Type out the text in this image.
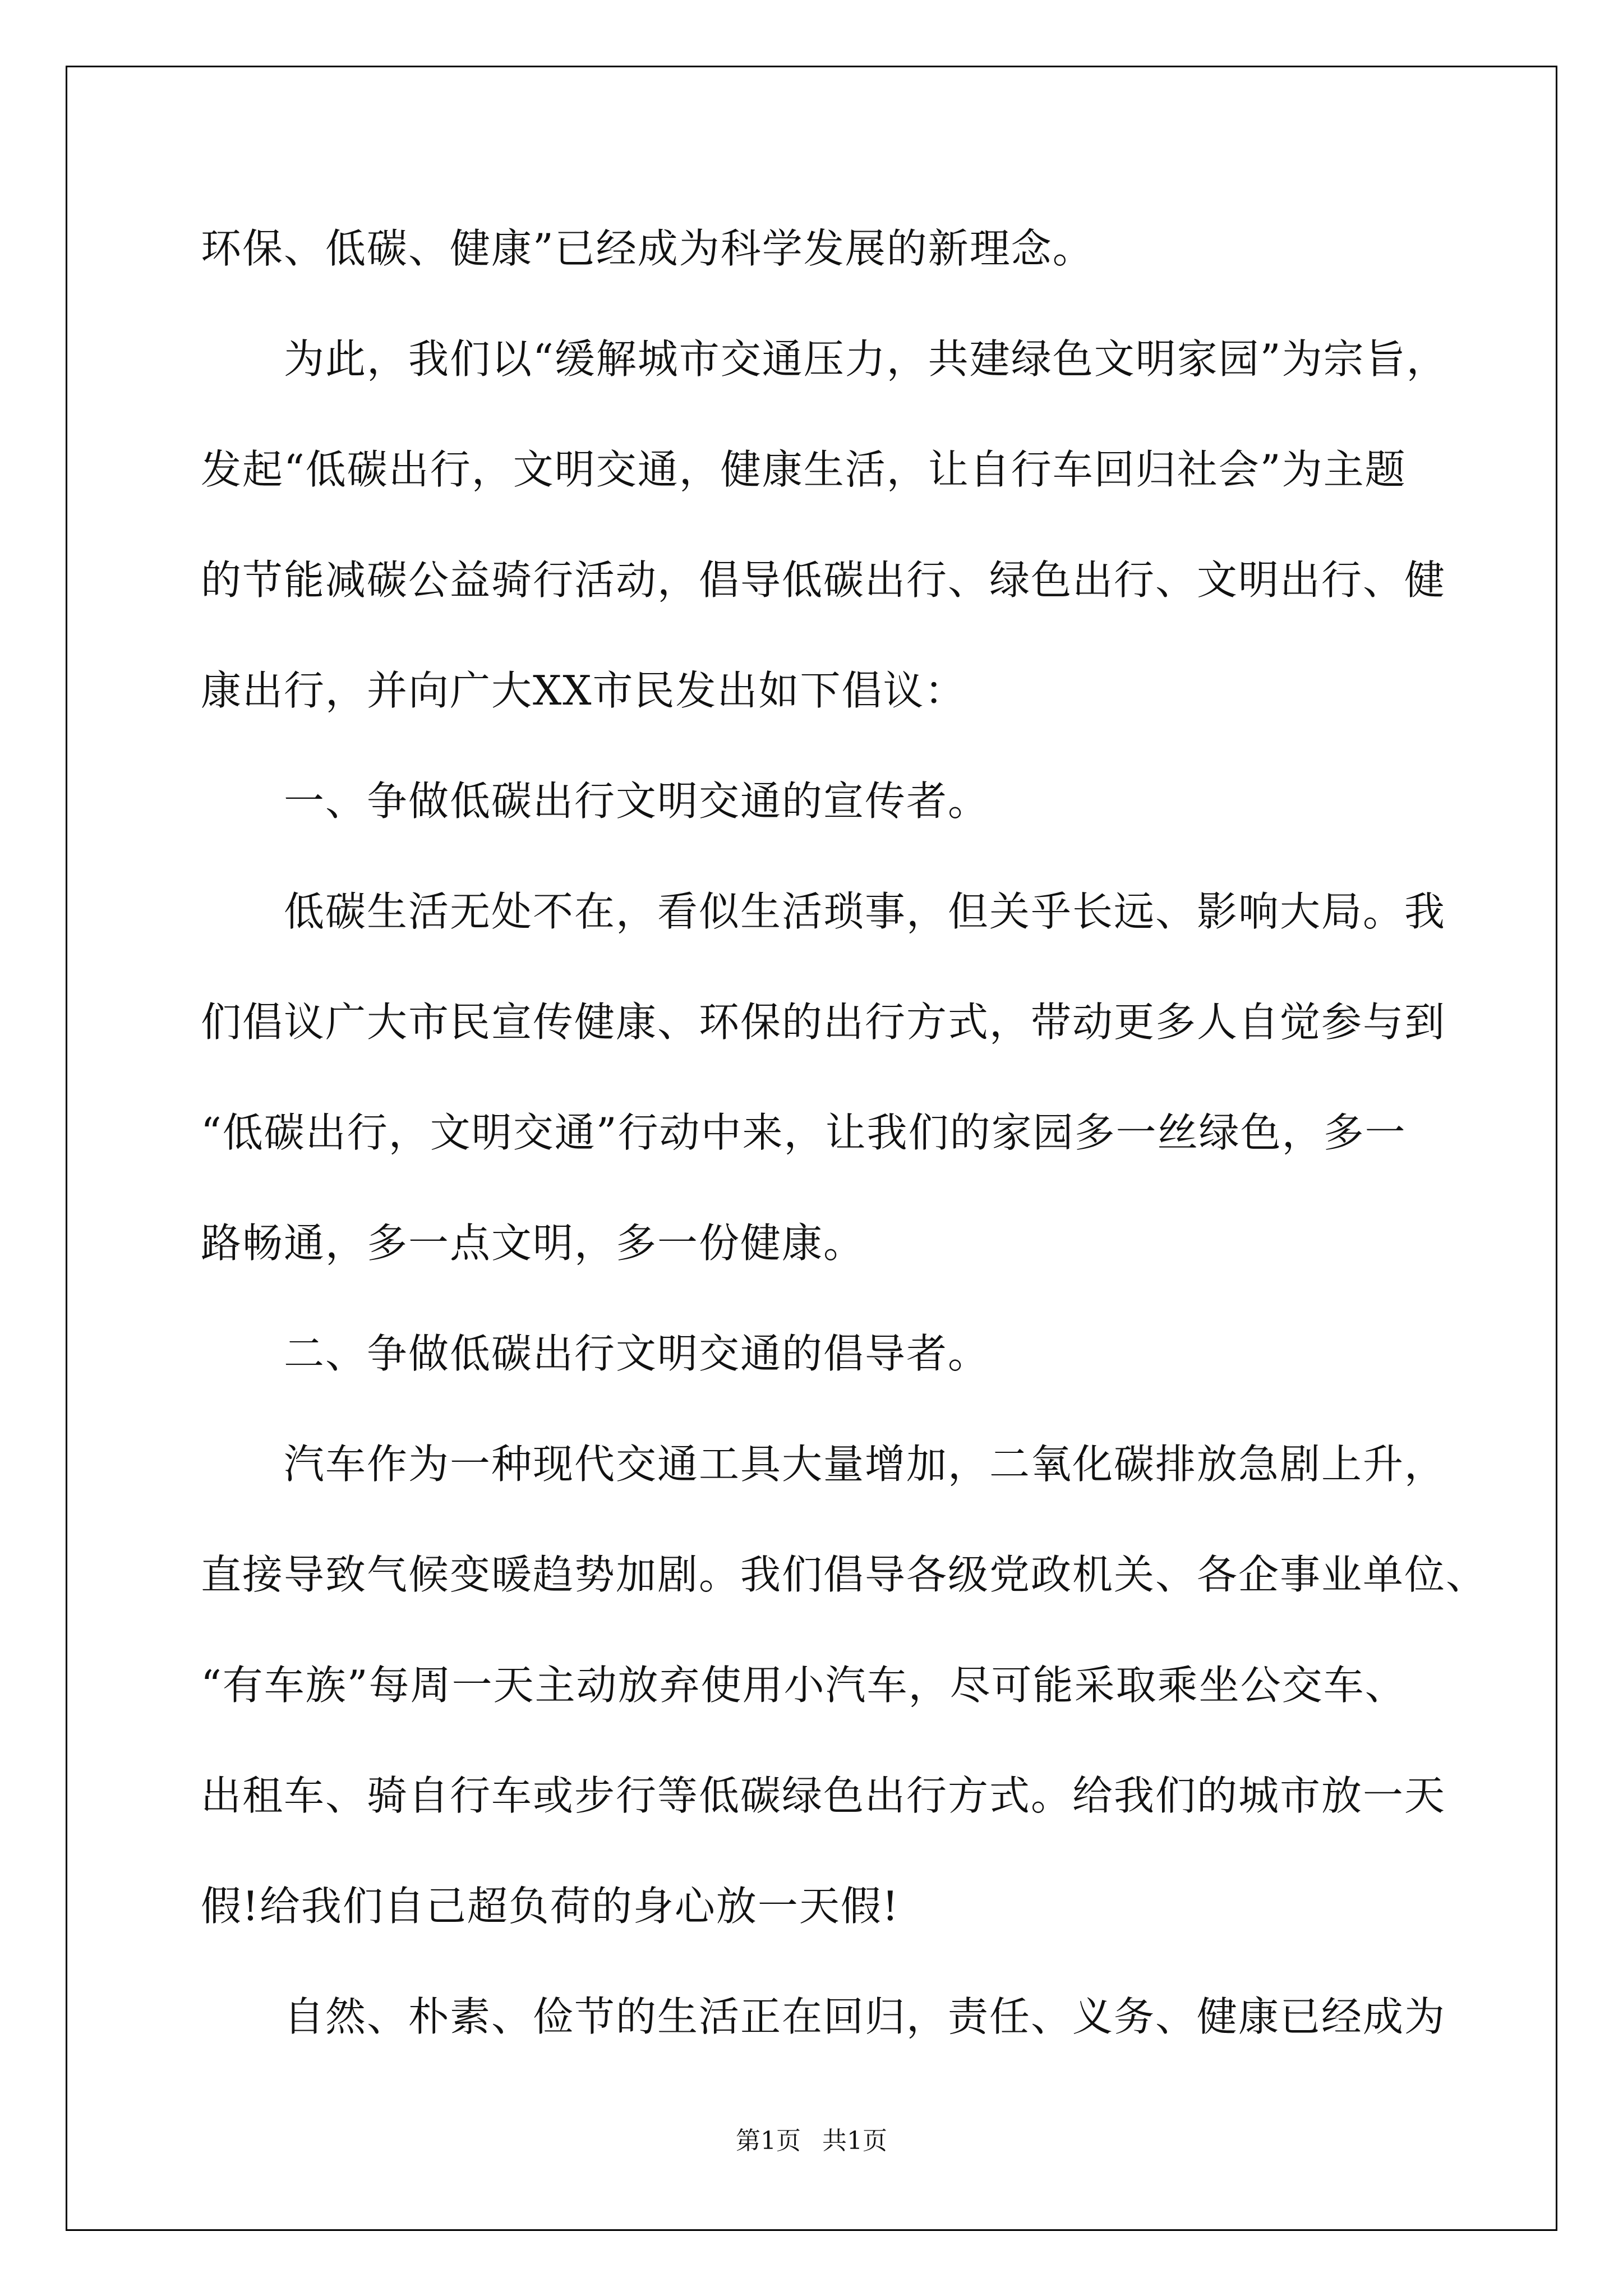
环保、低碳、健康”已经成为科学发展的新理念。
　　为此，我们以“缓解城市交通压力，共建绿色文明家园”为宗旨，
发起“低碳出行，文明交通，健康生活，让自行车回归社会”为主题
的节能减碳公益骑行活动，倡导低碳出行、绿色出行、文明出行、健
康出行，并向广大XX市民发出如下倡议：
　　一、争做低碳出行文明交通的宣传者。
　　低碳生活无处不在，看似生活琐事，但关乎长远、影响大局。我
们倡议广大市民宣传健康、环保的出行方式，带动更多人自觉参与到
“低碳出行，文明交通”行动中来，让我们的家园多一丝绿色，多一
路畅通，多一点文明，多一份健康。
　　二、争做低碳出行文明交通的倡导者。
　　汽车作为一种现代交通工具大量增加，二氧化碳排放急剧上升，
直接导致气候变暖趋势加剧。我们倡导各级党政机关、各企事业单位、
“有车族”每周一天主动放弃使用小汽车，尽可能采取乘坐公交车、
出租车、骑自行车或步行等低碳绿色出行方式。给我们的城市放一天
假!给我们自己超负荷的身心放一天假!
　　自然、朴素、俭节的生活正在回归，责任、义务、健康已经成为
第1页 共1页
